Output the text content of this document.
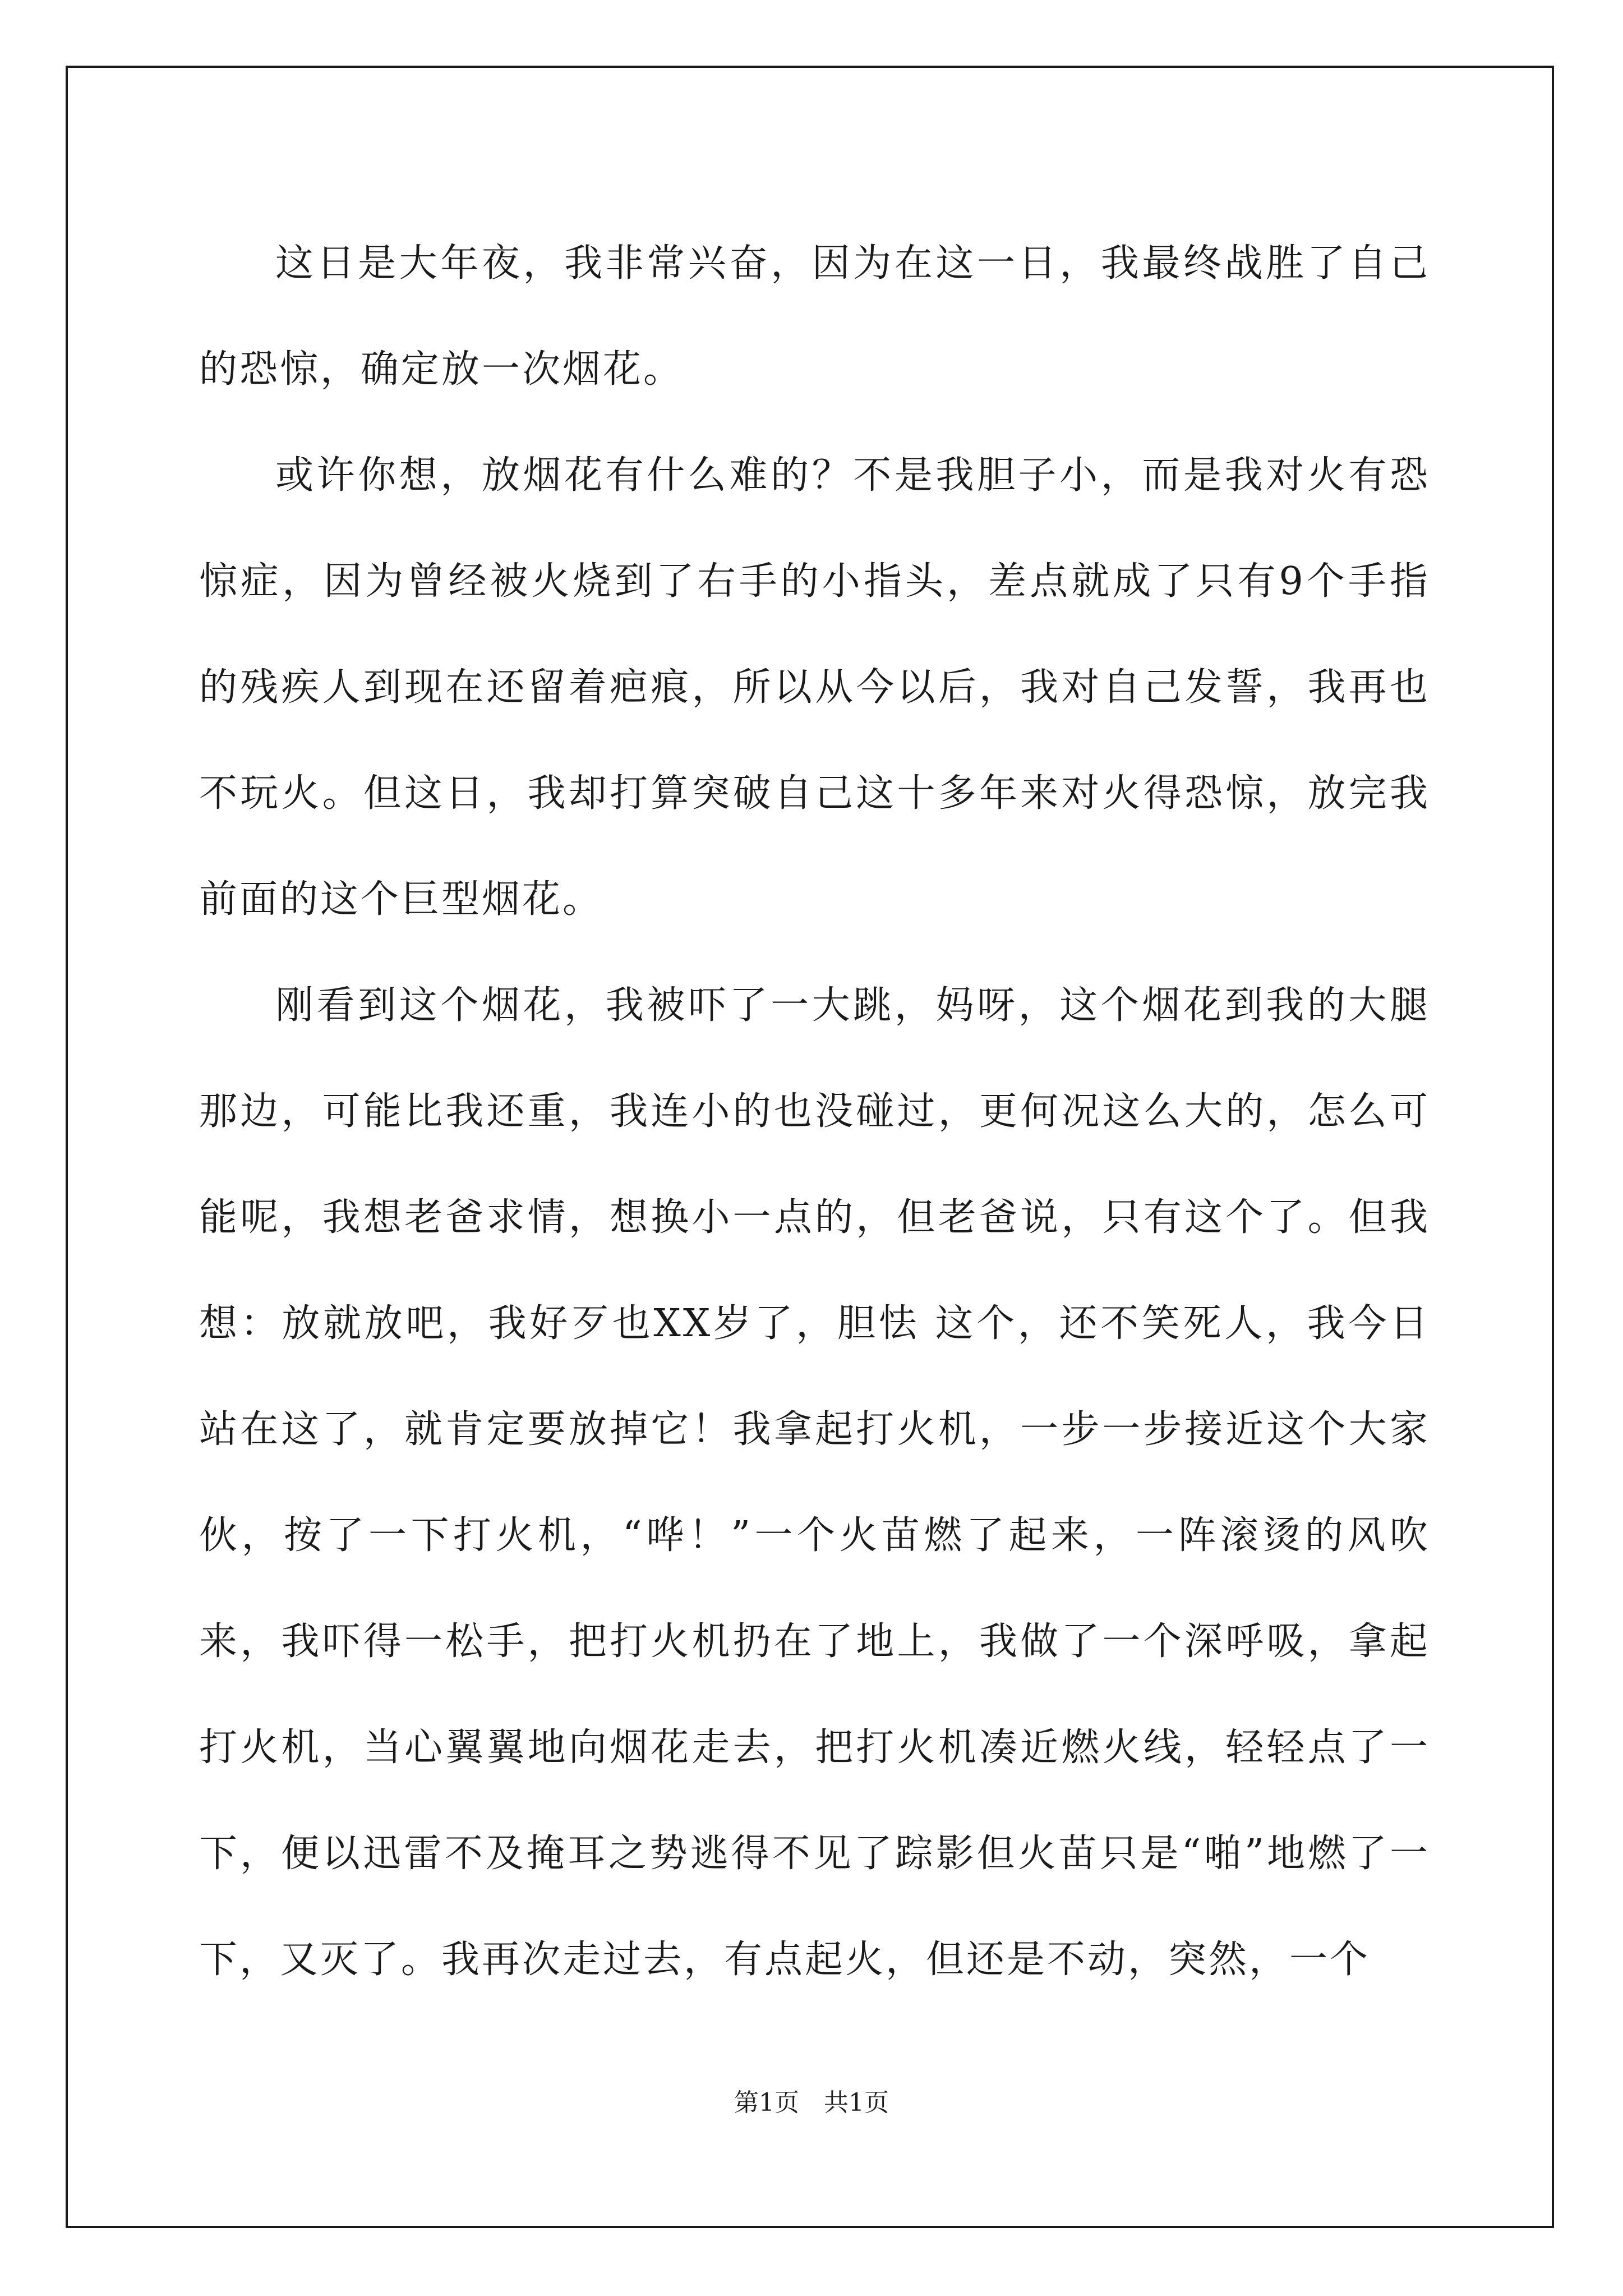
这日是大年夜，我非常兴奋，因为在这一日，我最终战胜了自己的恐惊，确定放一次烟花。

或许你想，放烟花有什么难的？不是我胆子小，而是我对火有恐惊症，因为曾经被火烧到了右手的小指头，差点就成了只有9个手指的残疾人到现在还留着疤痕，所以从今以后，我对自己发誓，我再也不玩火。但这日，我却打算突破自己这十多年来对火得恐惊，放完我前面的这个巨型烟花。

刚看到这个烟花，我被吓了一大跳，妈呀，这个烟花到我的大腿那边，可能比我还重，我连小的也没碰过，更何况这么大的，怎么可能呢，我想老爸求情，想换小一点的，但老爸说，只有这个了。但我想：放就放吧，我好歹也XX岁了，胆怯 这个，还不笑死人，我今日站在这了，就肯定要放掉它！我拿起打火机，一步一步接近这个大家伙，按了一下打火机，“哗！”一个火苗燃了起来，一阵滚烫的风吹来，我吓得一松手，把打火机扔在了地上，我做了一个深呼吸，拿起打火机，当心翼翼地向烟花走去，把打火机凑近燃火线，轻轻点了一下，便以迅雷不及掩耳之势逃得不见了踪影但火苗只是“啪”地燃了一下，又灭了。我再次走过去，有点起火，但还是不动，突然，一个

第1页　共1页
